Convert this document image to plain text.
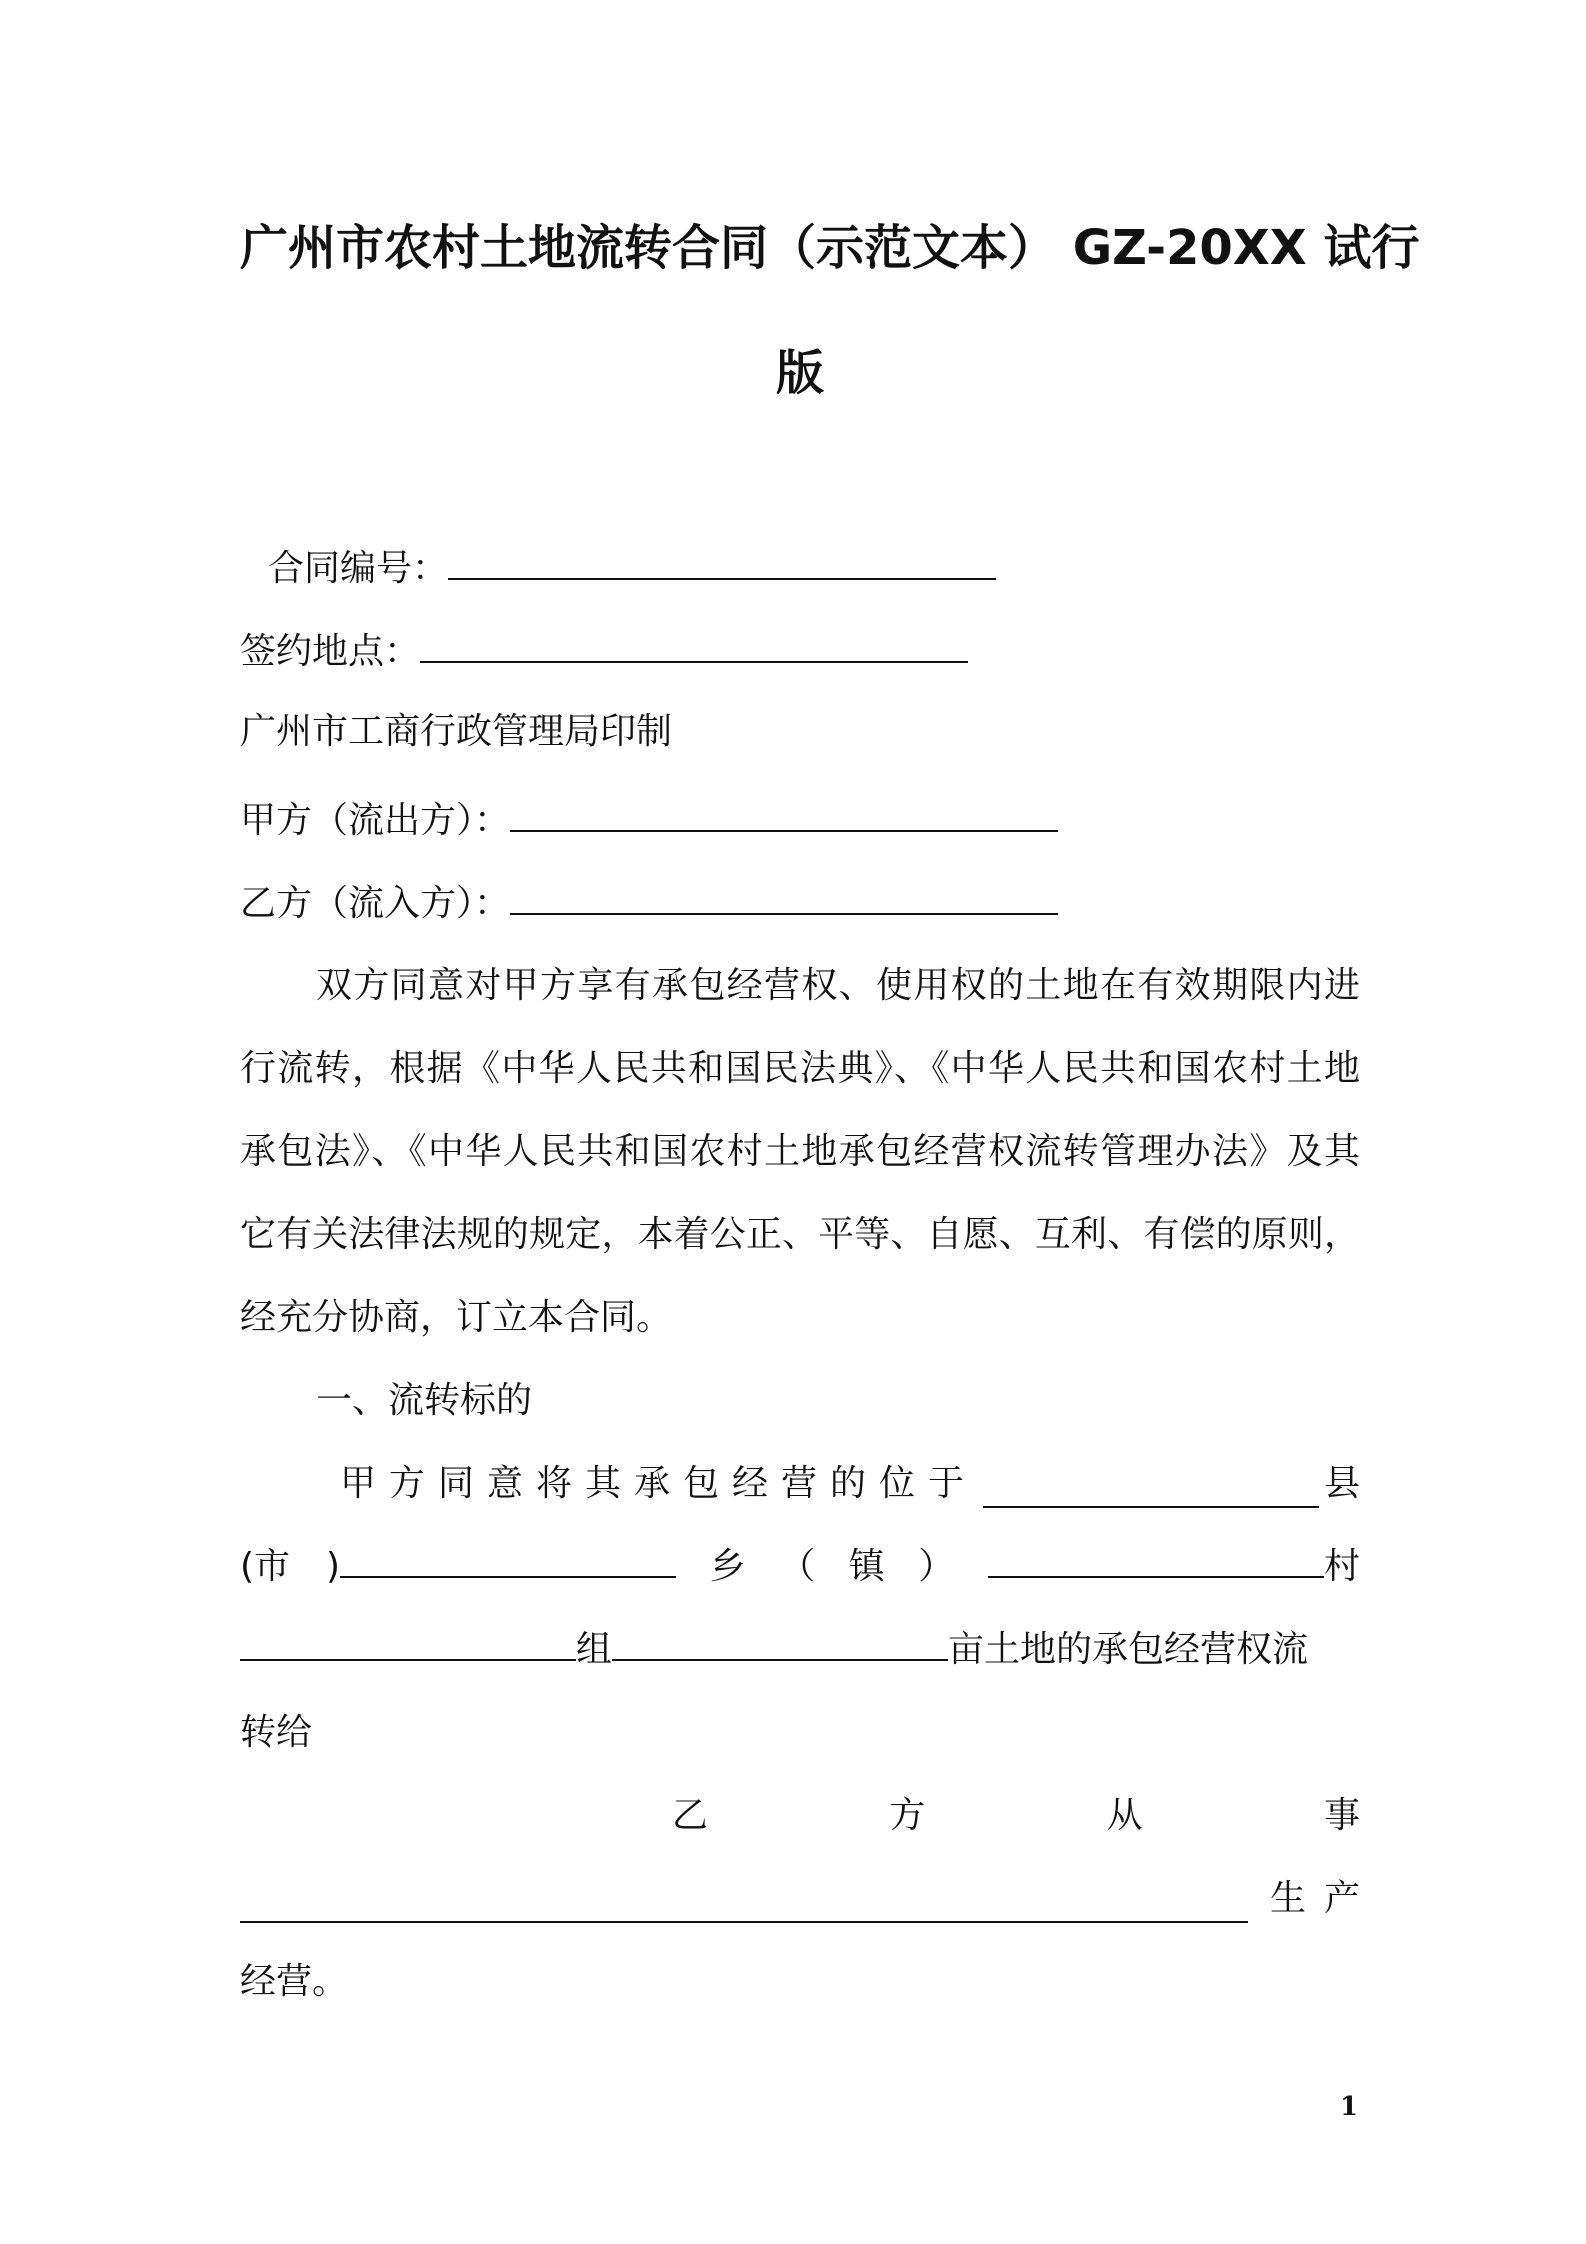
广州市农村土地流转合同（示范文本） GZ-20XX 试行
版
合同编号：
签约地点：
广州市工商行政管理局印制
甲方（流出方）：
乙方（流入方）：
双方同意对甲方享有承包经营权、使用权的土地在有效期限内进
行流转，根据《中华人民共和国民法典》、《中华人民共和国农村土地
承包法》、《中华人民共和国农村土地承包经营权流转管理办法》及其
它有关法律法规的规定，本着公正、平等、自愿、互利、有偿的原则，
经充分协商，订立本合同。
一、流转标的
甲方同意将其承包经营的位于	县
(市　)	乡 （ 镇 ）	村
组	亩土地的承包经营权流
转给
乙	方	从	事
生产
经营。
1
